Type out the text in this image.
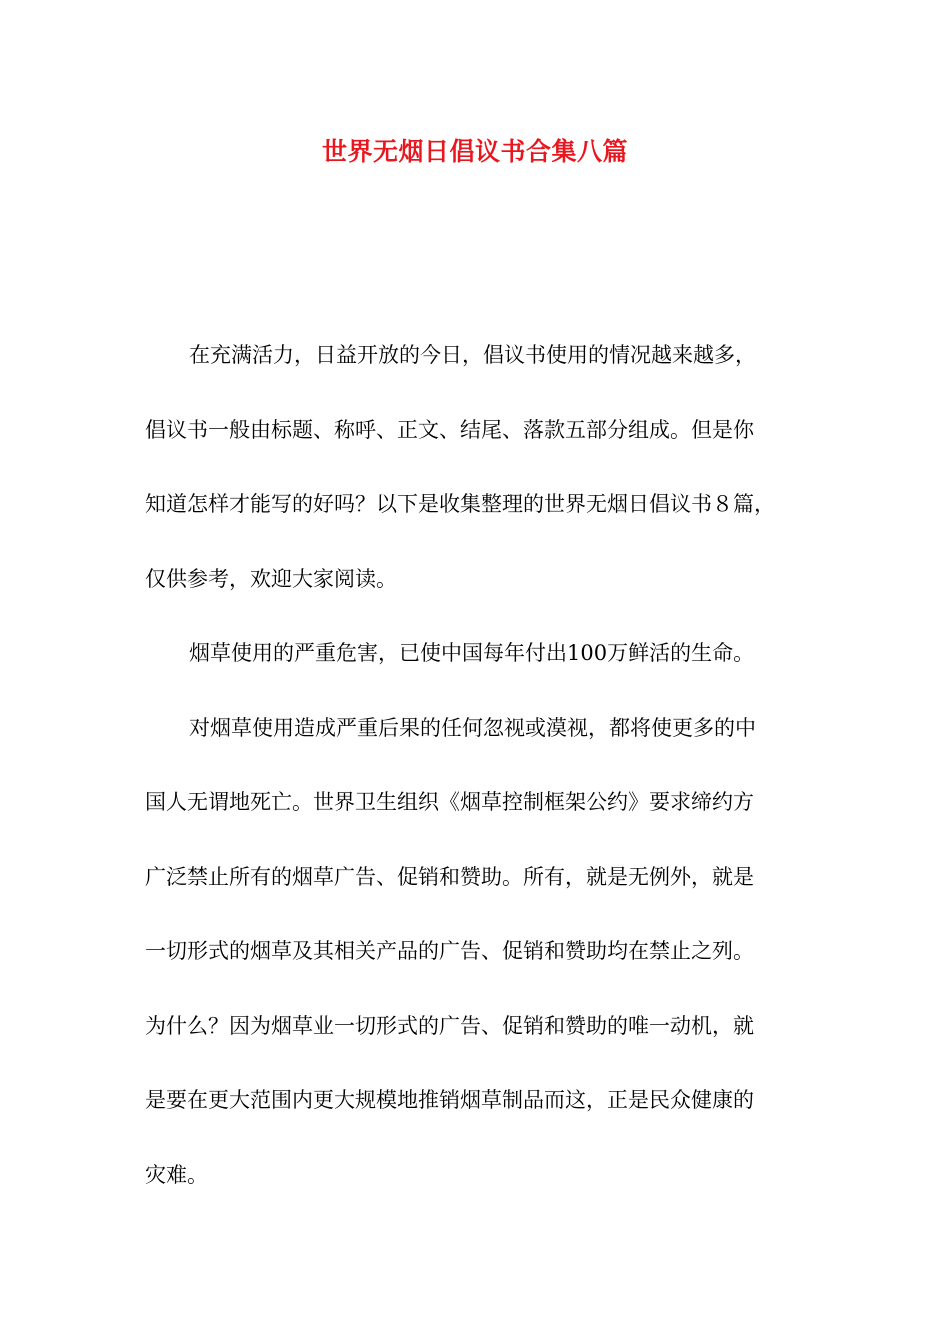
世界无烟日倡议书合集八篇

在充满活力，日益开放的今日，倡议书使用的情况越来越多，
倡议书一般由标题、称呼、正文、结尾、落款五部分组成。但是你
知道怎样才能写的好吗？以下是收集整理的世界无烟日倡议书８篇，
仅供参考，欢迎大家阅读。

烟草使用的严重危害，已使中国每年付出100万鲜活的生命。

对烟草使用造成严重后果的任何忽视或漠视，都将使更多的中
国人无谓地死亡。世界卫生组织《烟草控制框架公约》要求缔约方
广泛禁止所有的烟草广告、促销和赞助。所有，就是无例外，就是
一切形式的烟草及其相关产品的广告、促销和赞助均在禁止之列。
为什么？因为烟草业一切形式的广告、促销和赞助的唯一动机，就
是要在更大范围内更大规模地推销烟草制品而这，正是民众健康的
灾难。
